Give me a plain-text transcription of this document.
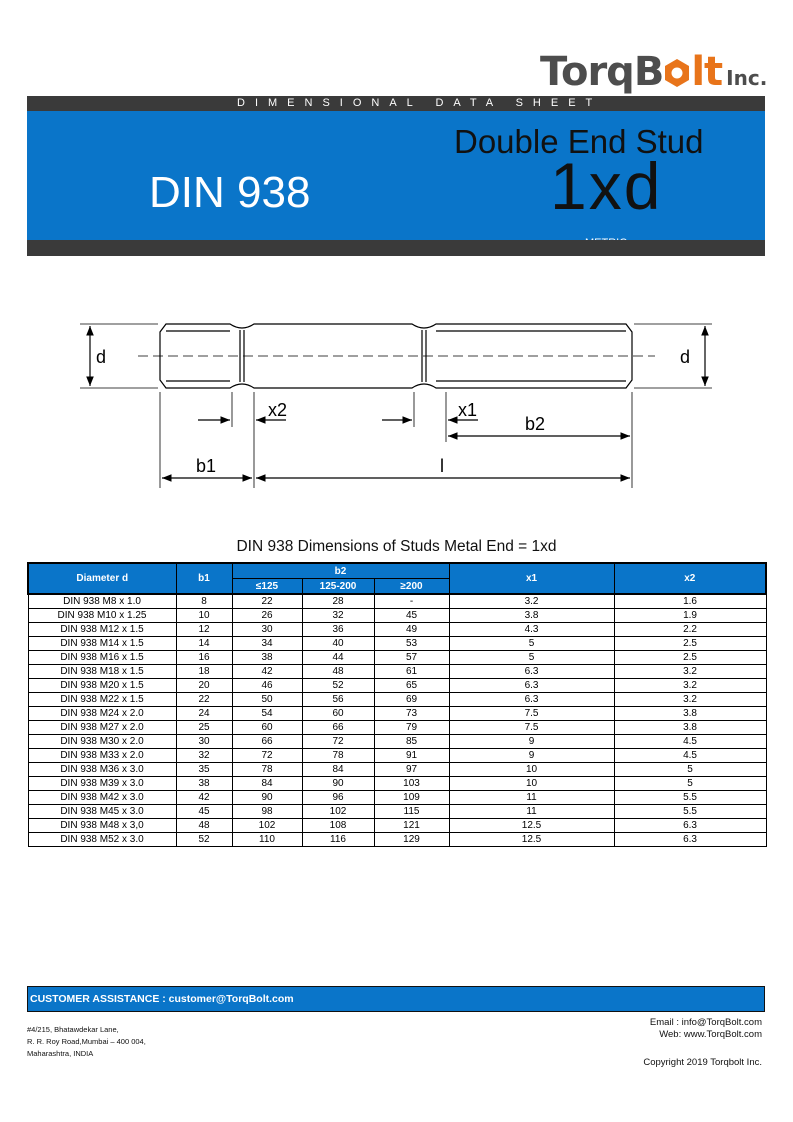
TorqB lt Inc.
DIMENSIONAL DATA SHEET
DIN 938
Double End Stud
1xd
d	d
x2	x1
b2
b1	l
DIN 938 Dimensions of Studs Metal End = 1xd
Diameter d	b1	b2			x1	x2
		≤125	125-200	≥200		
DIN 938 M8 x 1.0	8	22	28	-	3.2	1.6
DIN 938 M10 x 1.25	10	26	32	45	3.8	1.9
DIN 938 M12 x 1.5	12	30	36	49	4.3	2.2
DIN 938 M14 x 1.5	14	34	40	53	5	2.5
DIN 938 M16 x 1.5	16	38	44	57	5	2.5
DIN 938 M18 x 1.5	18	42	48	61	6.3	3.2
DIN 938 M20 x 1.5	20	46	52	65	6.3	3.2
DIN 938 M22 x 1.5	22	50	56	69	6.3	3.2
DIN 938 M24 x 2.0	24	54	60	73	7.5	3.8
DIN 938 M27 x 2.0	25	60	66	79	7.5	3.8
DIN 938 M30 x 2.0	30	66	72	85	9	4.5
DIN 938 M33 x 2.0	32	72	78	91	9	4.5
DIN 938 M36 x 3.0	35	78	84	97	10	5
DIN 938 M39 x 3.0	38	84	90	103	10	5
DIN 938 M42 x 3.0	42	90	96	109	11	5.5
DIN 938 M45 x 3.0	45	98	102	115	11	5.5
DIN 938 M48 x 3,0	48	102	108	121	12.5	6.3
DIN 938 M52 x 3.0	52	110	116	129	12.5	6.3
CUSTOMER ASSISTANCE : customer@TorqBolt.com
#4/215, Bhatawdekar Lane,
R. R. Roy Road,Mumbai – 400 004,
Maharashtra, INDIA
Email : info@TorqBolt.com
Web: www.TorqBolt.com
Copyright 2019 Torqbolt Inc.
